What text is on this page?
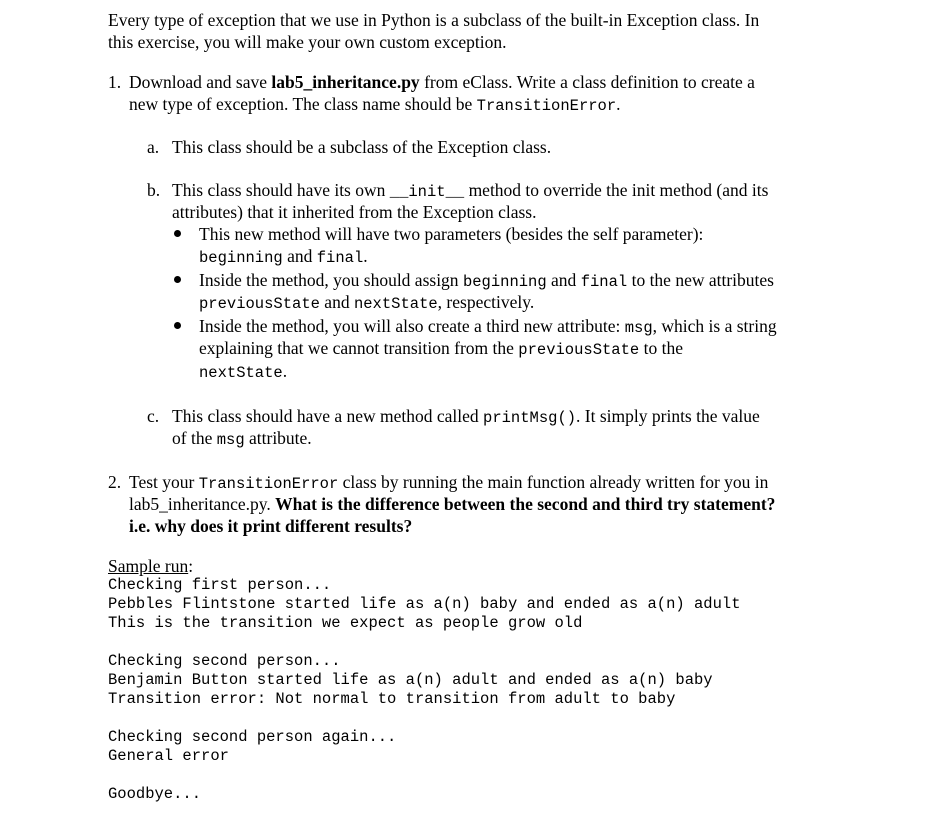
Every type of exception that we use in Python is a subclass of the built-in Exception class. In
this exercise, you will make your own custom exception.
1. Download and save lab5_inheritance.py from eClass. Write a class definition to create a
new type of exception. The class name should be TransitionError.
a. This class should be a subclass of the Exception class.
b. This class should have its own __init__ method to override the init method (and its
attributes) that it inherited from the Exception class.
This new method will have two parameters (besides the self parameter):
beginning and final.
Inside the method, you should assign beginning and final to the new attributes
previousState and nextState, respectively.
Inside the method, you will also create a third new attribute: msg, which is a string
explaining that we cannot transition from the previousState to the
nextState.
c. This class should have a new method called printMsg(). It simply prints the value
of the msg attribute.
2. Test your TransitionError class by running the main function already written for you in
lab5_inheritance.py. What is the difference between the second and third try statement?
i.e. why does it print different results?
Sample run:
Checking first person...
Pebbles Flintstone started life as a(n) baby and ended as a(n) adult
This is the transition we expect as people grow old
Checking second person...
Benjamin Button started life as a(n) adult and ended as a(n) baby
Transition error: Not normal to transition from adult to baby
Checking second person again...
General error
Goodbye...
